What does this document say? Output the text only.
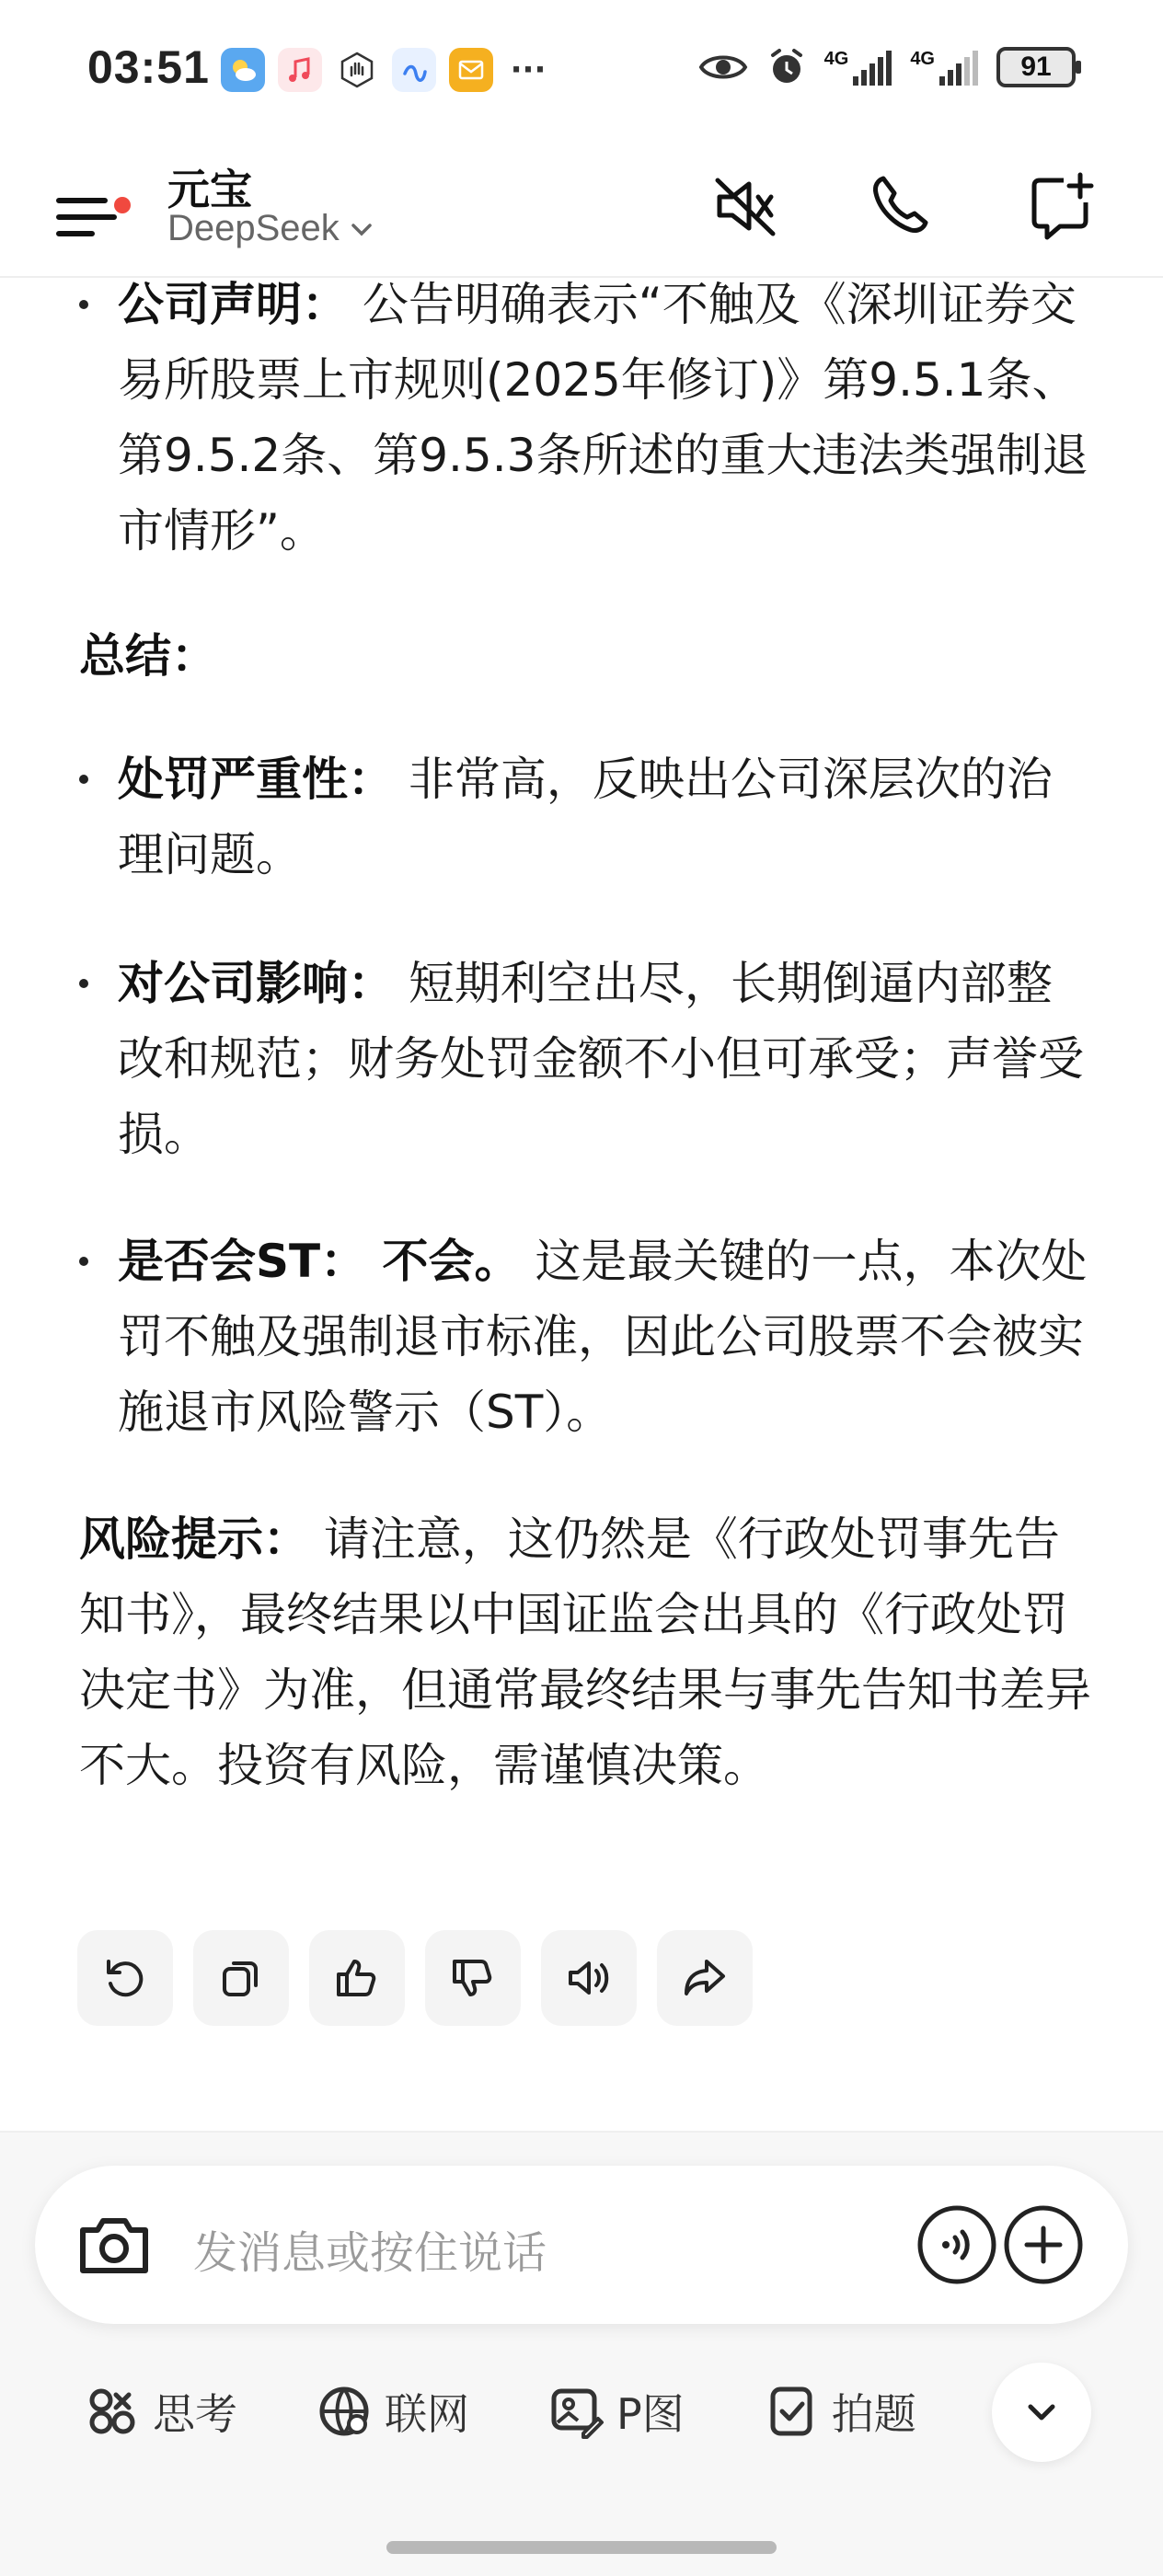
03:51	···	4G	4G	91
元宝
DeepSeek
公司声明： 公告明确表示“不触及《深圳证券交易所股票上市规则(2025年修订)》第9.5.1条、第9.5.2条、第9.5.3条所述的重大违法类强制退市情形”。
总结：
处罚严重性： 非常高，反映出公司深层次的治理问题。
对公司影响： 短期利空出尽，长期倒逼内部整改和规范；财务处罚金额不小但可承受；声誉受损。
是否会ST： 不会。 这是最关键的一点，本次处罚不触及强制退市标准，因此公司股票不会被实施退市风险警示（ST）。
风险提示： 请注意，这仍然是《行政处罚事先告知书》，最终结果以中国证监会出具的《行政处罚决定书》为准，但通常最终结果与事先告知书差异不大。投资有风险，需谨慎决策。
发消息或按住说话
思考	联网	P图	拍题
